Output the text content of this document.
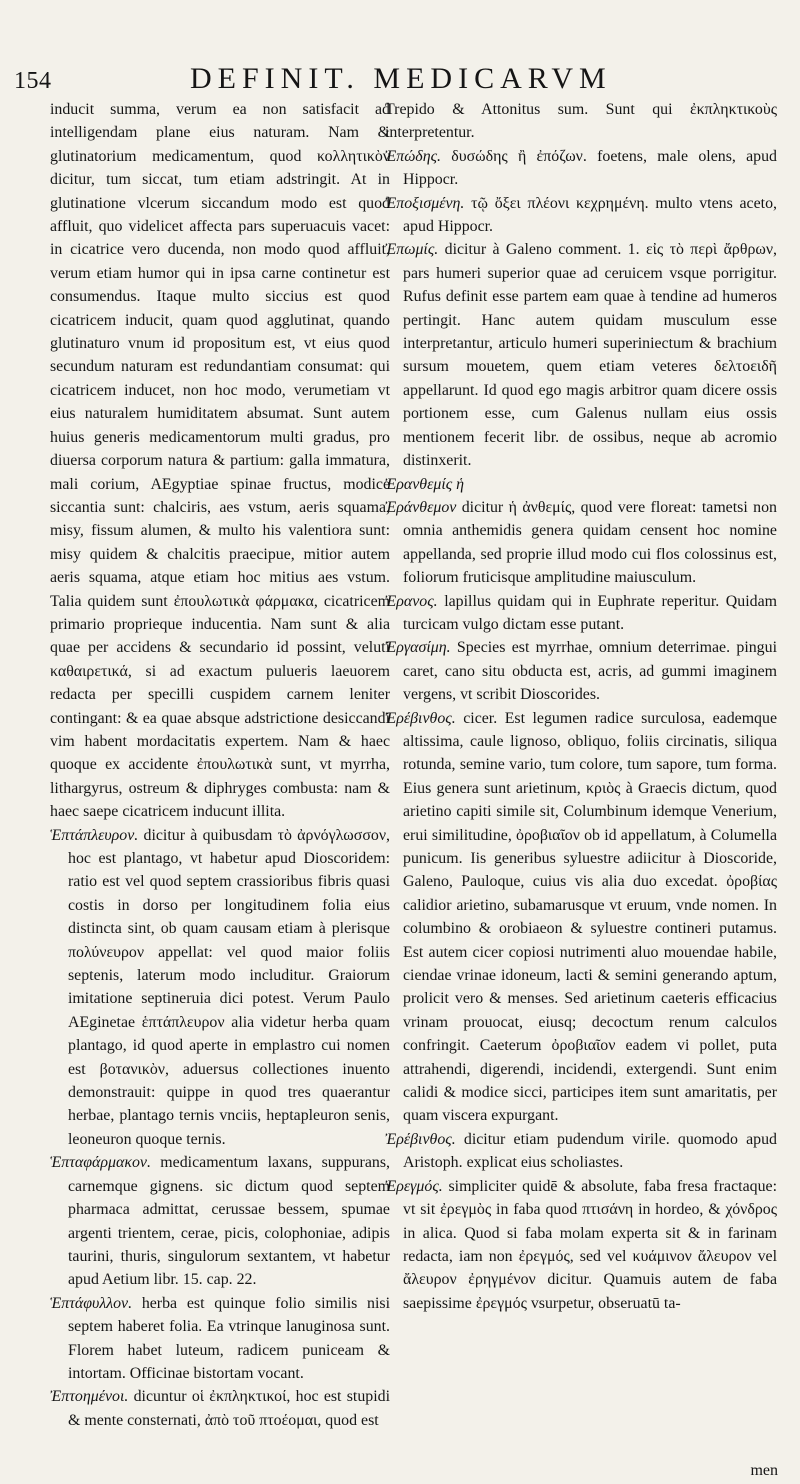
154	DEFINIT. MEDICARVM

inducit summa, verum ea non satisfacit ad intelligendam plane eius naturam. Nam & glutinatorium medicamentum, quod κολλητικὸν dicitur, tum siccat, tum etiam adstringit. At in glutinatione vlcerum siccandum modo est quod affluit, quo videlicet affecta pars superuacuis vacet: in cicatrice vero ducenda, non modo quod affluit, verum etiam humor qui in ipsa carne continetur est consumendus. Itaque multo siccius est quod cicatricem inducit, quam quod agglutinat, quando glutinaturo vnum id propositum est, vt eius quod secundum naturam est redundantiam consumat: qui cicatricem inducet, non hoc modo, verumetiam vt eius naturalem humiditatem absumat. Sunt autem huius generis medicamentorum multi gradus, pro diuersa corporum natura & partium: galla immatura, mali corium, AEgyptiae spinae fructus, modice siccantia sunt: chalciris, aes vstum, aeris squama, misy, fissum alumen, & multo his valentiora sunt: misy quidem & chalcitis praecipue, mitior autem aeris squama, atque etiam hoc mitius aes vstum. Talia quidem sunt ἐπουλωτικὰ φάρμακα, cicatricem primario proprieque inducentia. Nam sunt & alia quae per accidens & secundario id possint, veluti καθαιρετικά, si ad exactum pulueris laeuorem redacta per specilli cuspidem carnem leniter contingant: & ea quae absque adstrictione desiccandi vim habent mordacitatis expertem. Nam & haec quoque ex accidente ἐπουλωτικὰ sunt, vt myrrha, lithargyrus, ostreum & diphryges combusta: nam & haec saepe cicatricem inducunt illita.

Ἑπτάπλευρον. dicitur à quibusdam τὸ ἀρνόγλωσσον, hoc est plantago, vt habetur apud Dioscoridem: ratio est vel quod septem crassioribus fibris quasi costis in dorso per longitudinem folia eius distincta sint, ob quam causam etiam à plerisque πολύνευρον appellat: vel quod maior foliis septenis, laterum modo includitur. Graiorum imitatione septineruia dici potest. Verum Paulo AEginetae ἑπτάπλευρον alia videtur herba quam plantago, id quod aperte in emplastro cui nomen est βοτανικὸν, aduersus collectiones inuento demonstrauit: quippe in quod tres quaerantur herbae, plantago ternis vnciis, heptapleuron senis, leoneuron quoque ternis.

Ἑπταφάρμακον. medicamentum laxans, suppurans, carnemque gignens. sic dictum quod septem pharmaca admittat, cerussae bessem, spumae argenti trientem, cerae, picis, colophoniae, adipis taurini, thuris, singulorum sextantem, vt habetur apud Aetium libr. 15. cap. 22.

Ἑπτάφυλλον. herba est quinque folio similis nisi septem haberet folia. Ea vtrinque lanuginosa sunt. Florem habet luteum, radicem puniceam & intortam. Officinae bistortam vocant.

Ἐπτοημένοι. dicuntur οἱ ἐκπληκτικοί, hoc est stupidi & mente consternati, ἀπὸ τοῦ πτοέομαι, quod est

Trepido & Attonitus sum. Sunt qui ἐκπληκτικοὺς interpretentur.

Ἐπώδης. δυσώδης ἢ ἐπόζων. foetens, male olens, apud Hippocr.

Ἐποξισμένη. τῷ ὄξει πλέονι κεχρημένη. multo vtens aceto, apud Hippocr.

Ἐπωμίς. dicitur à Galeno comment. 1. εἰς τὸ περὶ ἄρθρων, pars humeri superior quae ad ceruicem vsque porrigitur. Rufus definit esse partem eam quae à tendine ad humeros pertingit. Hanc autem quidam musculum esse interpretantur, articulo humeri superiniectum & brachium sursum mouetem, quem etiam veteres δελτοειδῆ appellarunt. Id quod ego magis arbitror quam dicere ossis portionem esse, cum Galenus nullam eius ossis mentionem fecerit libr. de ossibus, neque ab acromio distinxerit.

Ἐρανθεμίς ἡ

Ἐράνθεμον dicitur ἡ ἀνθεμίς, quod vere floreat: tametsi non omnia anthemidis genera quidam censent hoc nomine appellanda, sed proprie illud modo cui flos colossinus est, foliorum fruticisque amplitudine maiusculum.

Ἐρανος. lapillus quidam qui in Euphrate reperitur. Quidam turcicam vulgo dictam esse putant.

Ἐργασίμη. Species est myrrhae, omnium deterrimae. pingui caret, cano situ obducta est, acris, ad gummi imaginem vergens, vt scribit Dioscorides.

Ἐρέβινθος. cicer. Est legumen radice surculosa, eademque altissima, caule lignoso, obliquo, foliis circinatis, siliqua rotunda, semine vario, tum colore, tum sapore, tum forma. Eius genera sunt arietinum, κριὸς à Graecis dictum, quod arietino capiti simile sit, Columbinum idemque Venerium, erui similitudine, ὀροβιαῖον ob id appellatum, à Columella punicum. Iis generibus syluestre adiicitur à Dioscoride, Galeno, Pauloque, cuius vis alia duo excedat. ὀροβίας calidior arietino, subamarusque vt eruum, vnde nomen. In columbino & orobiaeon & syluestre contineri putamus. Est autem cicer copiosi nutrimenti aluo mouendae habile, ciendae vrinae idoneum, lacti & semini generando aptum, prolicit vero & menses. Sed arietinum caeteris efficacius vrinam prouocat, eiusq; decoctum renum calculos confringit. Caeterum ὀροβιαῖον eadem vi pollet, puta attrahendi, digerendi, incidendi, extergendi. Sunt enim calidi & modice sicci, participes item sunt amaritatis, per quam viscera expurgant.

Ἐρέβινθος. dicitur etiam pudendum virile. quomodo apud Aristoph. explicat eius scholiastes.

Ἐρεγμός. simpliciter quidē & absolute, faba fresa fractaque: vt sit ἐρεγμὸς in faba quod πτισάνη in hordeo, & χόνδρος in alica. Quod si faba molam experta sit & in farinam redacta, iam non ἐρεγμός, sed vel κυάμινον ἄλευρον vel ἄλευρον ἐρηγμένον dicitur. Quamuis autem de faba saepissime ἐρεγμός vsurpetur, obseruatū ta-

men
